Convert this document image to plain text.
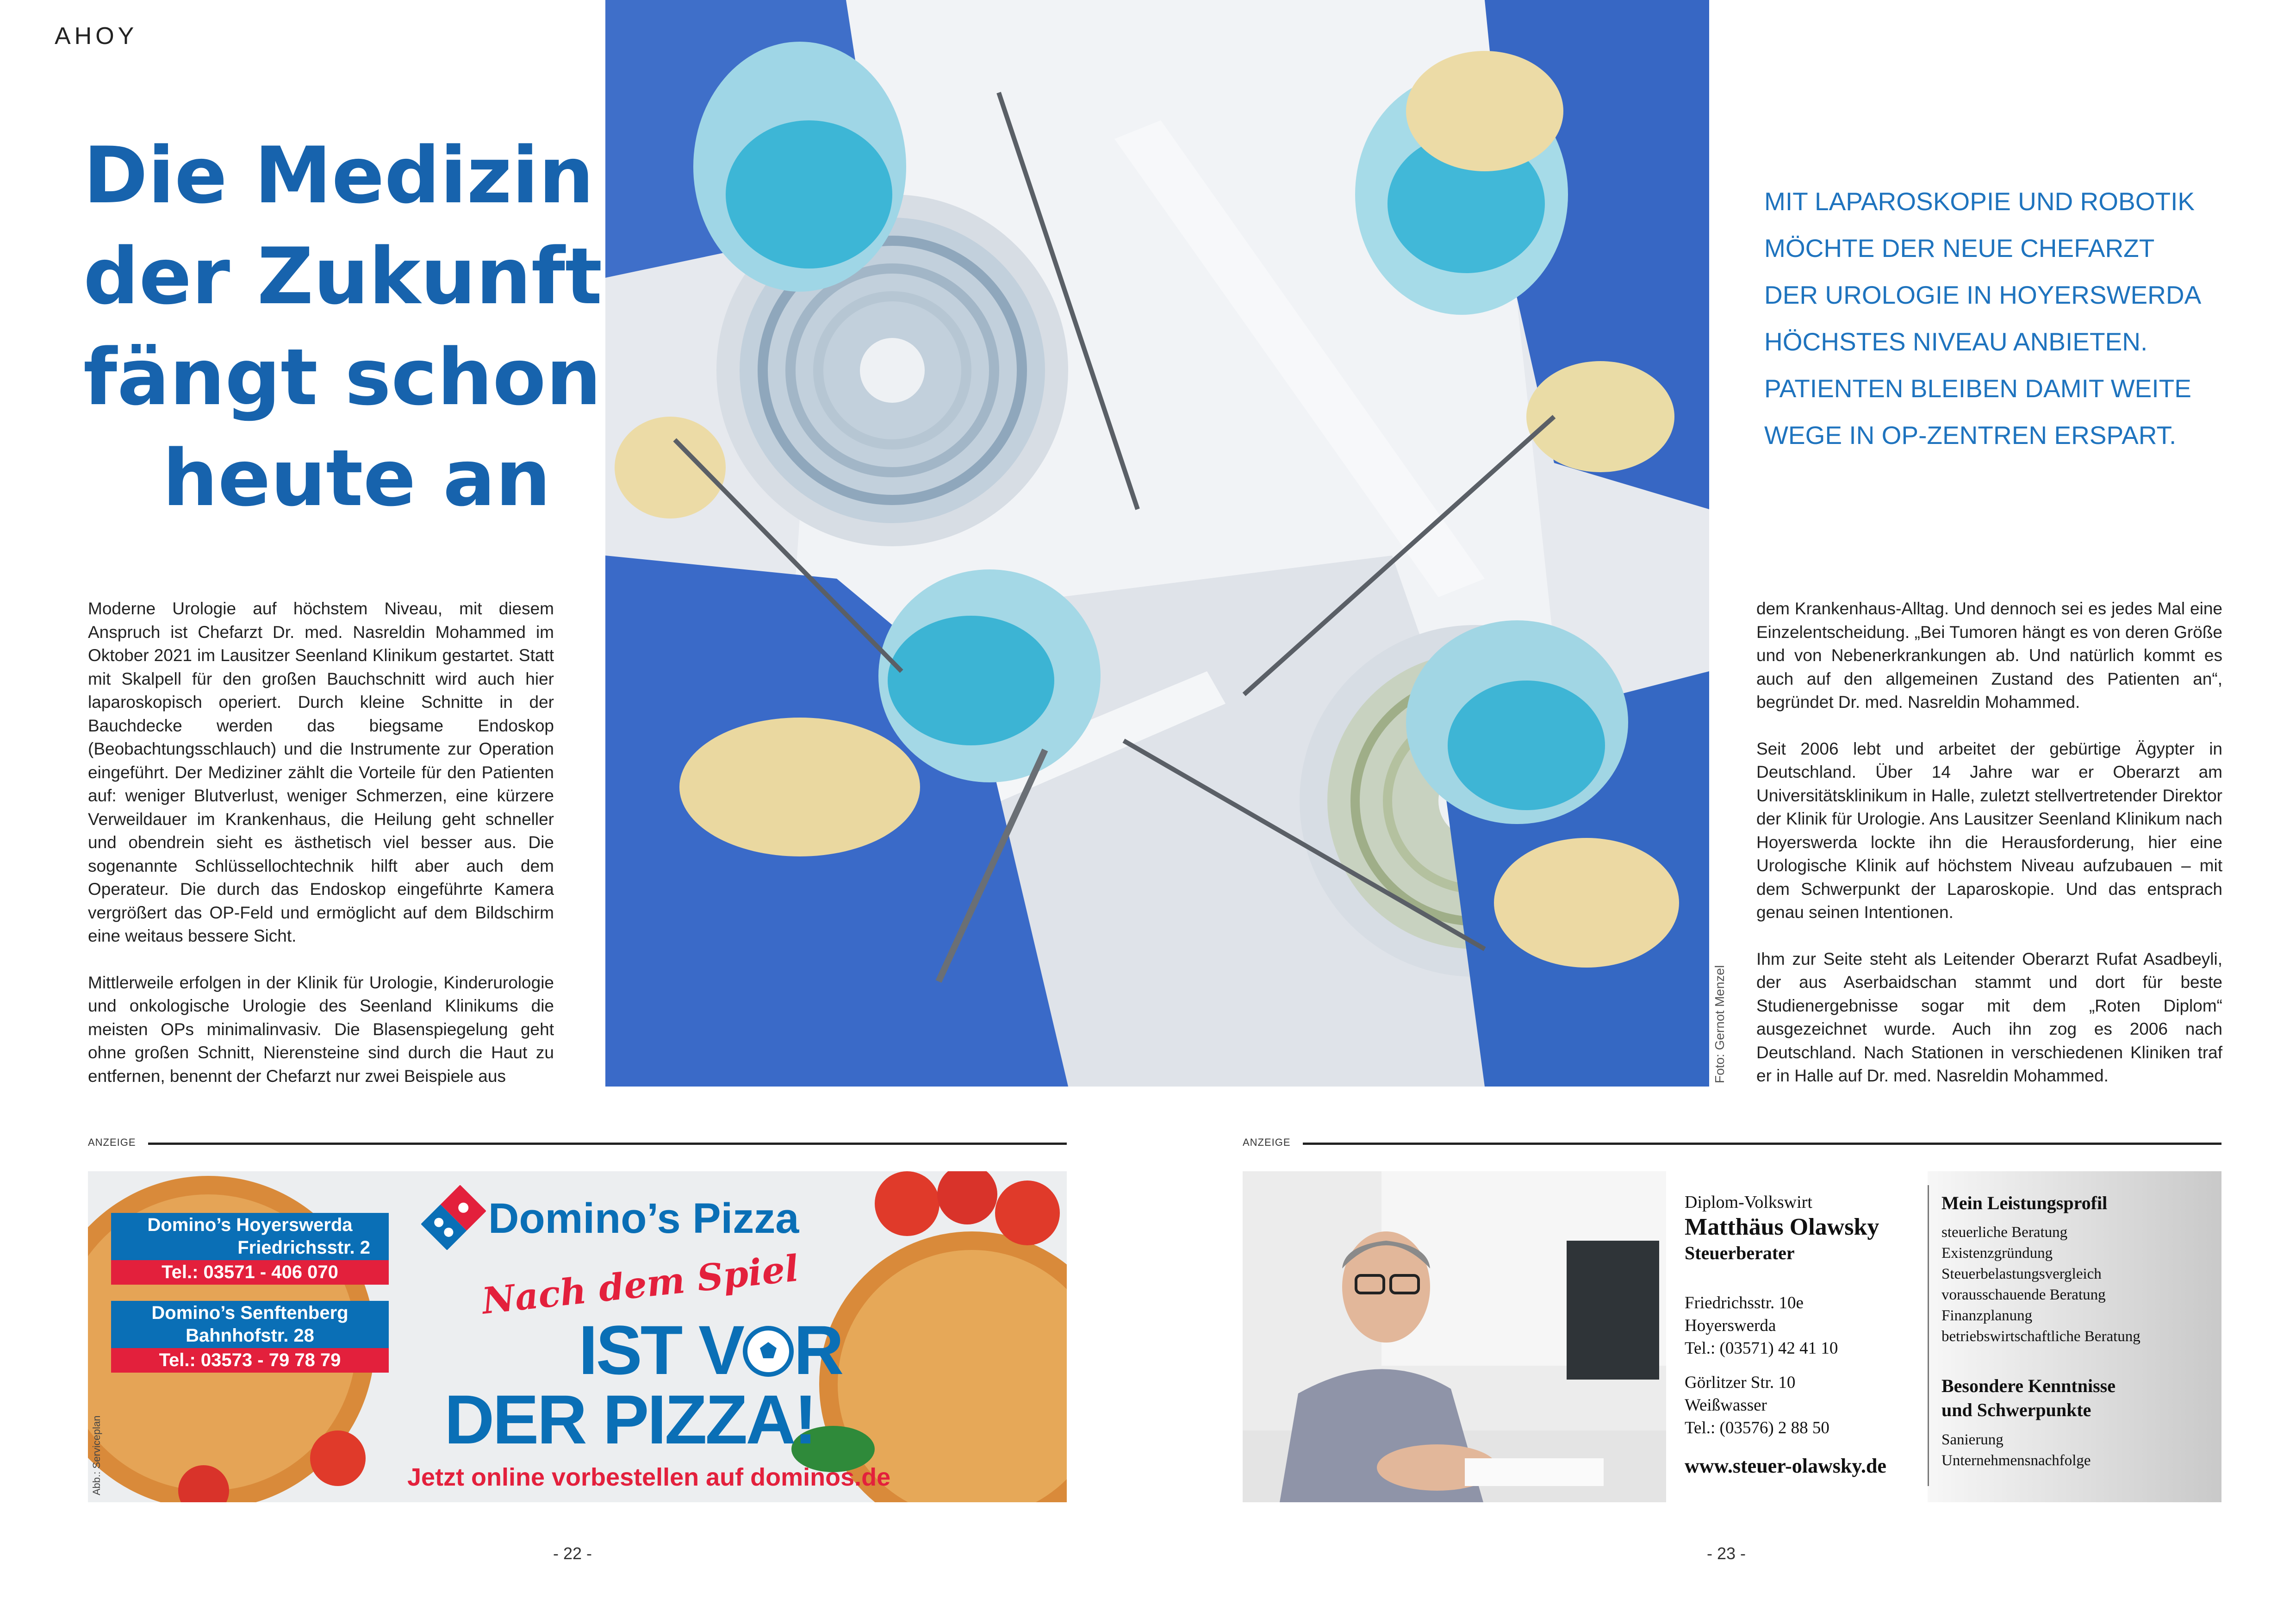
AHOY
Die Medizin
der Zukunft
fängt schon
heute an
Foto: Gernot Menzel
MIT LAPAROSKOPIE UND ROBOTIK
MÖCHTE DER NEUE CHEFARZT
DER UROLOGIE IN HOYERSWERDA
HÖCHSTES NIVEAU ANBIETEN.
PATIENTEN BLEIBEN DAMIT WEITE
WEGE IN OP-ZENTREN ERSPART.

Moderne Urologie auf höchstem Niveau, mit diesem Anspruch ist Chefarzt Dr. med. Nasreldin Mohammed im Oktober 2021 im Lausitzer Seenland Klinikum gestartet. Statt mit Skalpell für den großen Bauchschnitt wird auch hier laparoskopisch operiert. Durch kleine Schnitte in der Bauchdecke werden das biegsame Endoskop (Beobachtungsschlauch) und die Instrumente zur Operation eingeführt. Der Mediziner zählt die Vorteile für den Patienten auf: weniger Blutverlust, weniger Schmerzen, eine kürzere Verweildauer im Krankenhaus, die Heilung geht schneller und obendrein sieht es ästhetisch viel besser aus. Die sogenannte Schlüssellochtechnik hilft aber auch dem Operateur. Die durch das Endoskop eingeführte Kamera vergrößert das OP-Feld und ermöglicht auf dem Bildschirm eine weitaus bessere Sicht.

Mittlerweile erfolgen in der Klinik für Urologie, Kinderurologie und onkologische Urologie des Seenland Klinikums die meisten OPs minimalinvasiv. Die Blasenspiegelung geht ohne großen Schnitt, Nierensteine sind durch die Haut zu entfernen, benennt der Chefarzt nur zwei Beispiele aus

dem Krankenhaus-Alltag. Und dennoch sei es jedes Mal eine Einzelentscheidung. „Bei Tumoren hängt es von deren Größe und von Nebenerkrankungen ab. Und natürlich kommt es auch auf den allgemeinen Zustand des Patienten an“, begründet Dr. med. Nasreldin Mohammed.

Seit 2006 lebt und arbeitet der gebürtige Ägypter in Deutschland. Über 14 Jahre war er Oberarzt am Universitätsklinikum in Halle, zuletzt stellvertretender Direktor der Klinik für Urologie. Ans Lausitzer Seenland Klinikum nach Hoyerswerda lockte ihn die Herausforderung, hier eine Urologische Klinik auf höchstem Niveau aufzubauen – mit dem Schwerpunkt der Laparoskopie. Und das entsprach genau seinen Intentionen.

Ihm zur Seite steht als Leitender Oberarzt Rufat Asadbeyli, der aus Aserbaidschan stammt und dort für beste Studienergebnisse sogar mit dem „Roten Diplom“ ausgezeichnet wurde. Auch ihn zog es 2006 nach Deutschland. Nach Stationen in verschiedenen Kliniken traf er in Halle auf Dr. med. Nasreldin Mohammed.

ANZEIGE	ANZEIGE
Domino’s Hoyerswerda
Friedrichsstr. 2
Tel.: 03571 - 406 070
Domino’s Senftenberg
Bahnhofstr. 28
Tel.: 03573 - 79 78 79
Domino’s Pizza
Nach dem Spiel
IST V R
DER PIZZA!
Jetzt online vorbestellen auf dominos.de
Abb.: Serviceplan
Diplom-Volkswirt
Matthäus Olawsky
Steuerberater
Friedrichsstr. 10e
Hoyerswerda
Tel.: (03571) 42 41 10
Görlitzer Str. 10
Weißwasser
Tel.: (03576) 2 88 50
www.steuer-olawsky.de
Mein Leistungsprofil
steuerliche Beratung
Existenzgründung
Steuerbelastungsvergleich
vorausschauende Beratung
Finanzplanung
betriebswirtschaftliche Beratung
Besondere Kenntnisse und Schwerpunkte
Sanierung
Unternehmensnachfolge
- 22 -	- 23 -
